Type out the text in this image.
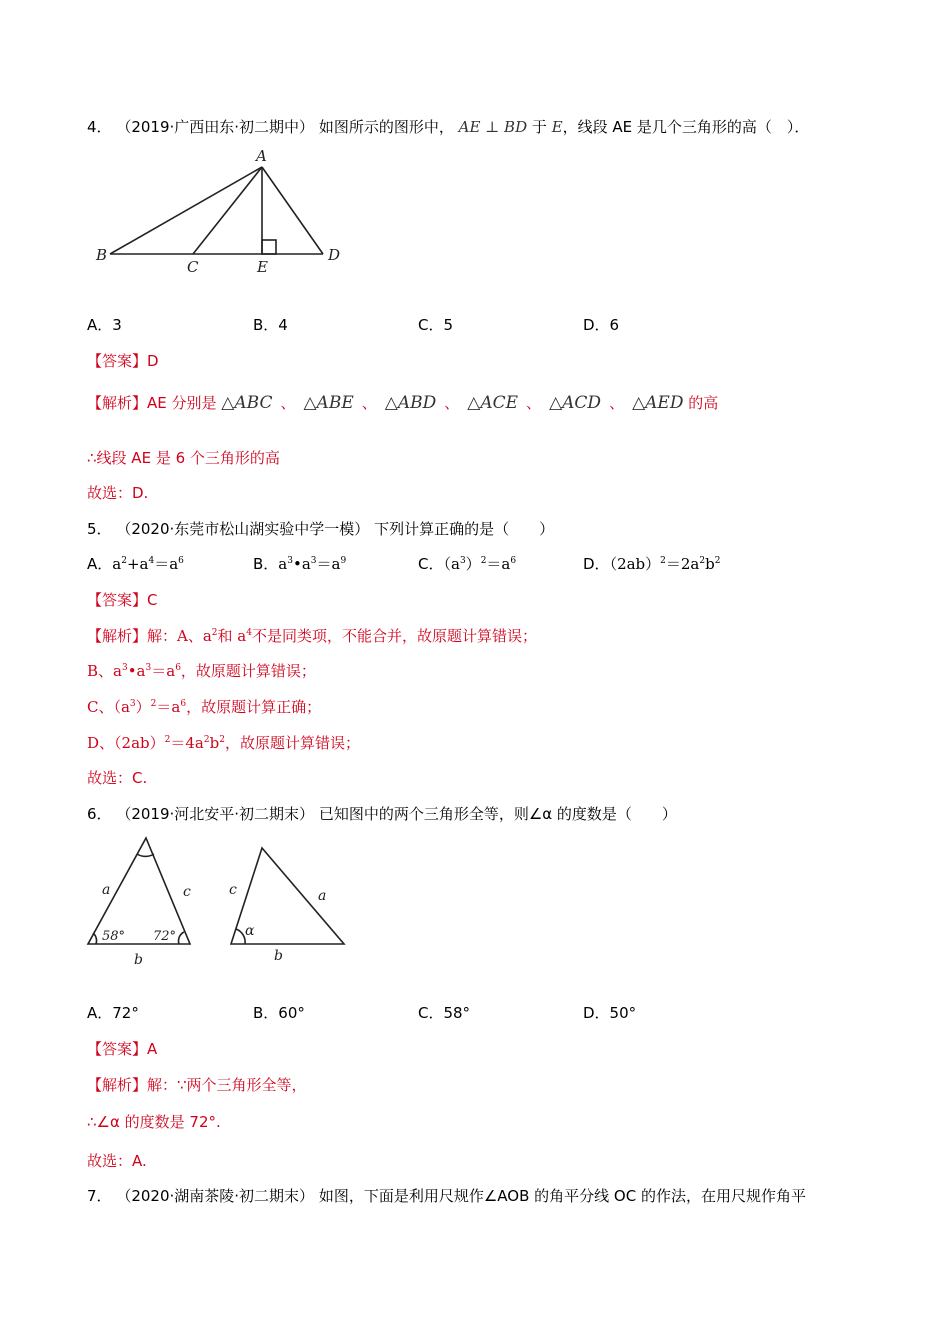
4． （2019·广西田东·初二期中） 如图所示的图形中， AE ⊥ BD 于 E，线段 AE 是几个三角形的高（　）．
A
B
C	E
D
A．3	B．4	C．5	D．6
【答案】D
【解析】AE 分别是 △ABC 、 △ABE 、 △ABD 、 △ACE 、 △ACD 、 △AED 的高
∴线段 AE 是 6 个三角形的高
故选：D.
5． （2020·东莞市松山湖实验中学一模） 下列计算正确的是（　　）
A．$a^2+a^4=a^6$	B．$a^3•a^3=a^9$	C．$(a^3)^2=a^6$	D．$(2ab)^2=2a^2b^2$
【答案】C
【解析】解：A、$a^2$和 $a^4$不是同类项，不能合并，故原题计算错误；
B、$a^3•a^3=a^6$，故原题计算错误；
C、$(a^3)^2=a^6$，故原题计算正确；
D、$(2ab)^2=4a^2b^2$，故原题计算错误；
故选：C.
6． （2019·河北安平·初二期末） 已知图中的两个三角形全等，则∠α 的度数是（　　）
a	c
58° 72°
b
c	a
α
b
A．72°	B．60°	C．58°	D．50°
【答案】A
【解析】解：∵两个三角形全等，
∴∠α 的度数是 72°.
故选：A.
7． （2020·湖南茶陵·初二期末） 如图，下面是利用尺规作∠AOB 的角平分线 OC 的作法，在用尺规作角平
